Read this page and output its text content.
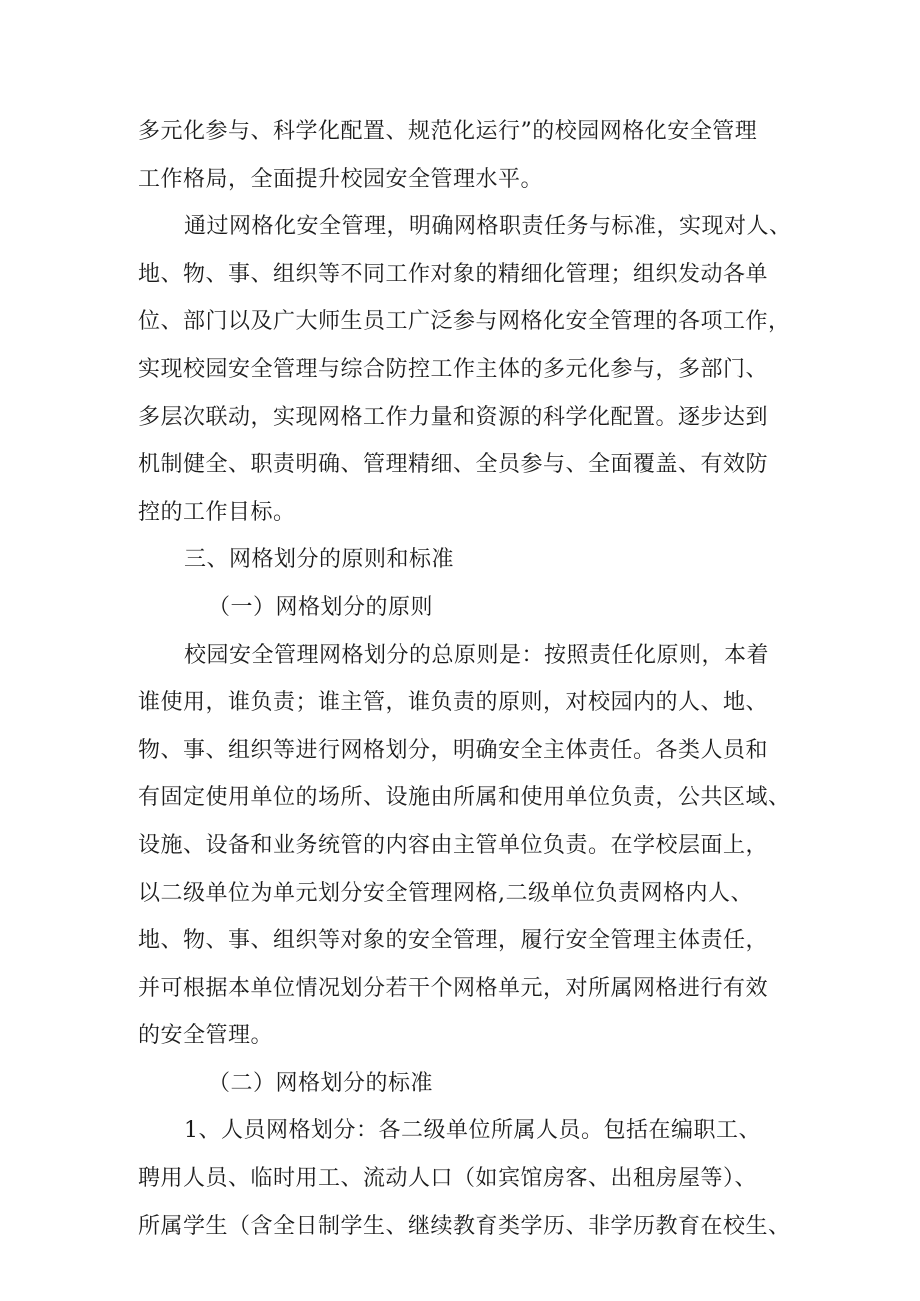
多元化参与、科学化配置、规范化运行”的校园网格化安全管理
工作格局，全面提升校园安全管理水平。
通过网格化安全管理，明确网格职责任务与标准，实现对人、
地、物、事、组织等不同工作对象的精细化管理；组织发动各单
位、部门以及广大师生员工广泛参与网格化安全管理的各项工作，
实现校园安全管理与综合防控工作主体的多元化参与，多部门、
多层次联动，实现网格工作力量和资源的科学化配置。逐步达到
机制健全、职责明确、管理精细、全员参与、全面覆盖、有效防
控的工作目标。
三、网格划分的原则和标准
（一）网格划分的原则
校园安全管理网格划分的总原则是：按照责任化原则，本着
谁使用，谁负责；谁主管，谁负责的原则，对校园内的人、地、
物、事、组织等进行网格划分，明确安全主体责任。各类人员和
有固定使用单位的场所、设施由所属和使用单位负责，公共区域、
设施、设备和业务统管的内容由主管单位负责。在学校层面上，
以二级单位为单元划分安全管理网格,二级单位负责网格内人、
地、物、事、组织等对象的安全管理，履行安全管理主体责任，
并可根据本单位情况划分若干个网格单元，对所属网格进行有效
的安全管理。
（二）网格划分的标准
1、人员网格划分：各二级单位所属人员。包括在编职工、
聘用人员、临时用工、流动人口（如宾馆房客、出租房屋等）、
所属学生（含全日制学生、继续教育类学历、非学历教育在校生、
